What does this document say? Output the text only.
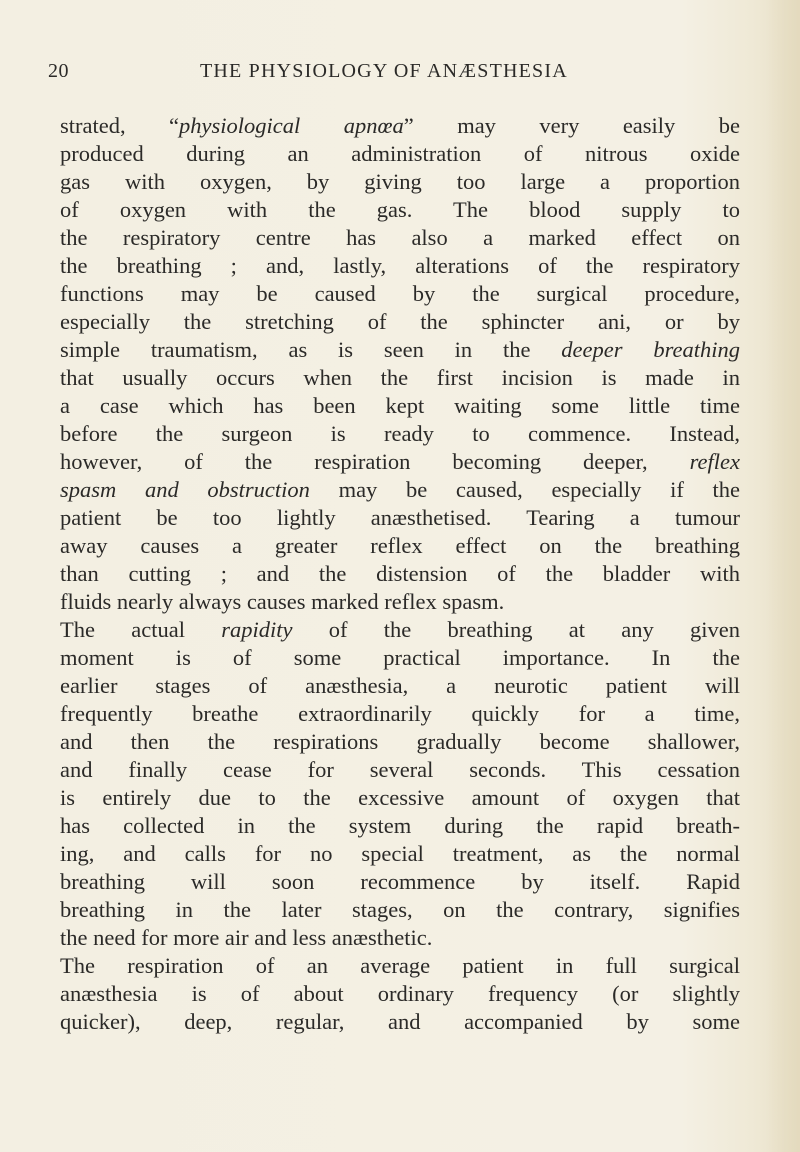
20	THE PHYSIOLOGY OF ANÆSTHESIA
strated, “physiological apnœa” may very easily be
produced during an administration of nitrous oxide
gas with oxygen, by giving too large a proportion
of oxygen with the gas. The blood supply to
the respiratory centre has also a marked effect on
the breathing ; and, lastly, alterations of the respiratory
functions may be caused by the surgical procedure,
especially the stretching of the sphincter ani, or by
simple traumatism, as is seen in the deeper breathing
that usually occurs when the first incision is made in
a case which has been kept waiting some little time
before the surgeon is ready to commence. Instead,
however, of the respiration becoming deeper, reflex
spasm and obstruction may be caused, especially if the
patient be too lightly anæsthetised. Tearing a tumour
away causes a greater reflex effect on the breathing
than cutting ; and the distension of the bladder with
fluids nearly always causes marked reflex spasm.
The actual rapidity of the breathing at any given
moment is of some practical importance. In the
earlier stages of anæsthesia, a neurotic patient will
frequently breathe extraordinarily quickly for a time,
and then the respirations gradually become shallower,
and finally cease for several seconds. This cessation
is entirely due to the excessive amount of oxygen that
has collected in the system during the rapid breath-
ing, and calls for no special treatment, as the normal
breathing will soon recommence by itself. Rapid
breathing in the later stages, on the contrary, signifies
the need for more air and less anæsthetic.
The respiration of an average patient in full surgical
anæsthesia is of about ordinary frequency (or slightly
quicker), deep, regular, and accompanied by some
